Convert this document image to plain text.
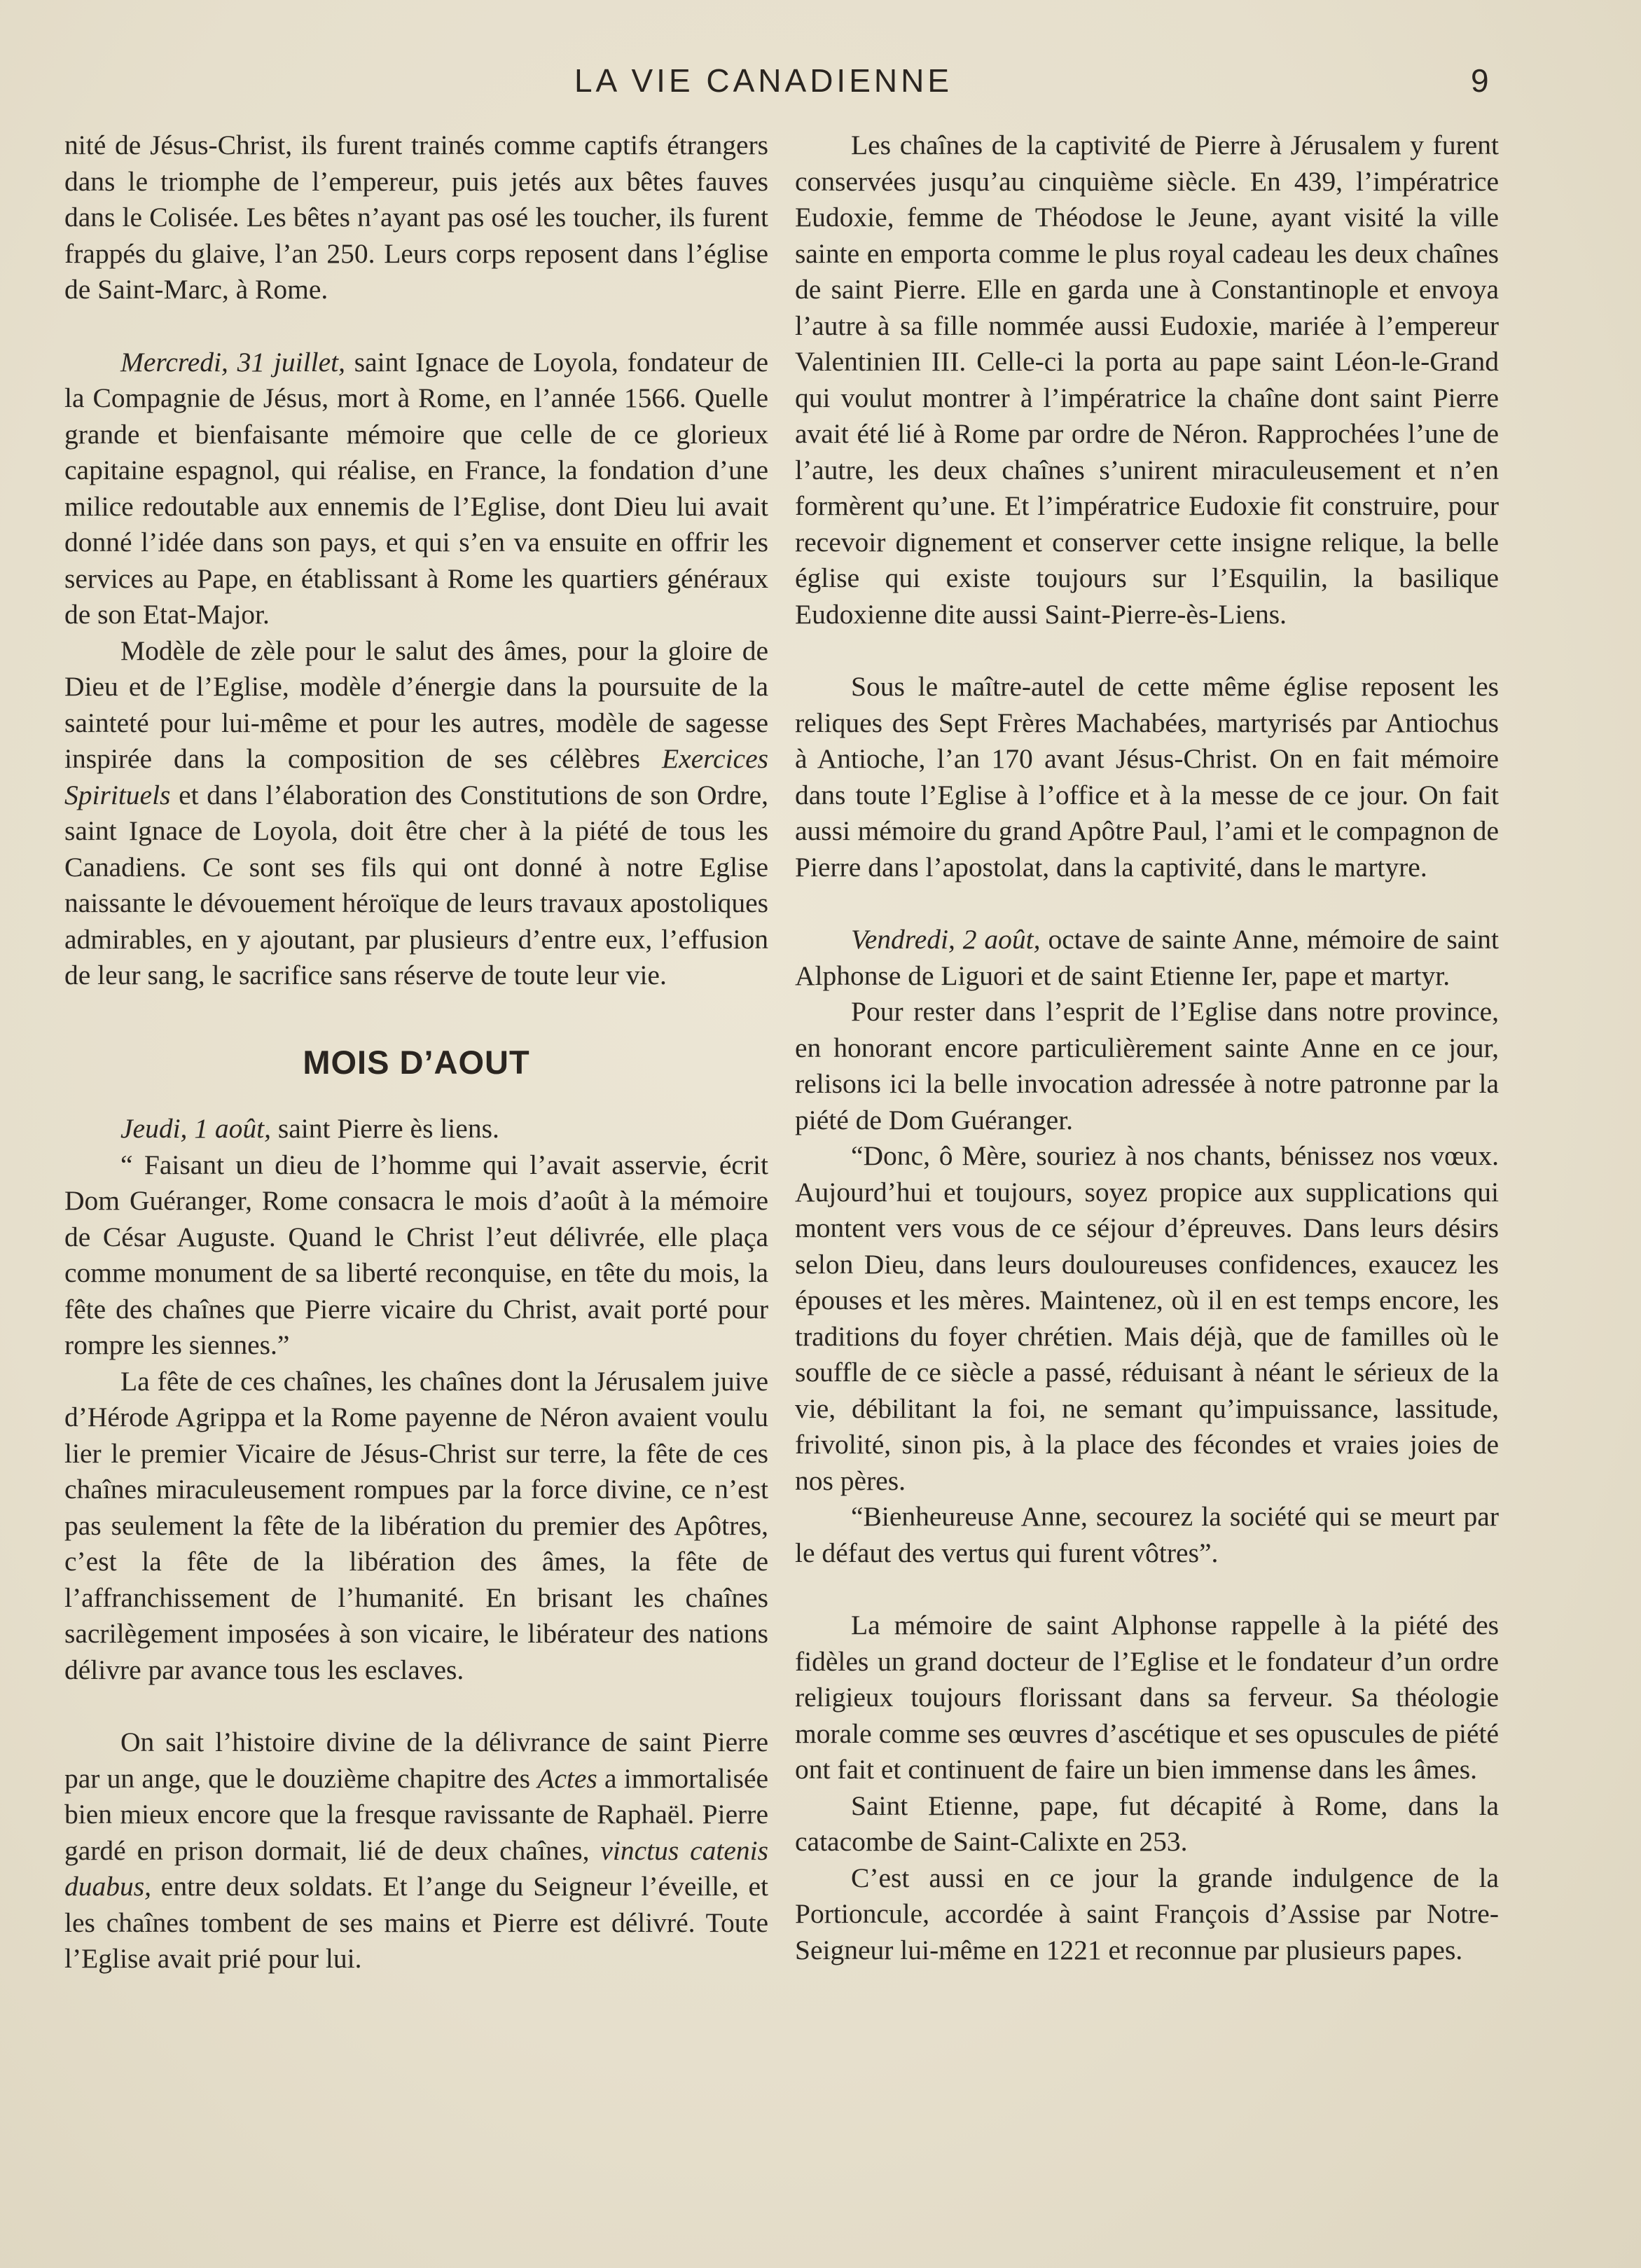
LA VIE CANADIENNE	9

nité de Jésus-Christ, ils furent trainés comme captifs étrangers dans le triomphe de l’empereur, puis jetés aux bêtes fauves dans le Colisée. Les bêtes n’ayant pas osé les toucher, ils furent frappés du glaive, l’an 250. Leurs corps reposent dans l’église de Saint-Marc, à Rome.

Mercredi, 31 juillet, saint Ignace de Loyola, fondateur de la Compagnie de Jésus, mort à Rome, en l’année 1566. Quelle grande et bienfaisante mémoire que celle de ce glorieux capitaine espagnol, qui réalise, en France, la fondation d’une milice redoutable aux ennemis de l’Eglise, dont Dieu lui avait donné l’idée dans son pays, et qui s’en va ensuite en offrir les services au Pape, en établissant à Rome les quartiers généraux de son Etat-Major.

Modèle de zèle pour le salut des âmes, pour la gloire de Dieu et de l’Eglise, modèle d’énergie dans la poursuite de la sainteté pour lui-même et pour les autres, modèle de sagesse inspirée dans la composition de ses célèbres Exercices Spirituels et dans l’élaboration des Constitutions de son Ordre, saint Ignace de Loyola, doit être cher à la piété de tous les Canadiens. Ce sont ses fils qui ont donné à notre Eglise naissante le dévouement héroïque de leurs travaux apostoliques admirables, en y ajoutant, par plusieurs d’entre eux, l’effusion de leur sang, le sacrifice sans réserve de toute leur vie.

MOIS D’AOUT

Jeudi, 1 août, saint Pierre ès liens.

“ Faisant un dieu de l’homme qui l’avait asservie, écrit Dom Guéranger, Rome consacra le mois d’août à la mémoire de César Auguste. Quand le Christ l’eut délivrée, elle plaça comme monument de sa liberté reconquise, en tête du mois, la fête des chaînes que Pierre vicaire du Christ, avait porté pour rompre les siennes.”

La fête de ces chaînes, les chaînes dont la Jérusalem juive d’Hérode Agrippa et la Rome payenne de Néron avaient voulu lier le premier Vicaire de Jésus-Christ sur terre, la fête de ces chaînes miraculeusement rompues par la force divine, ce n’est pas seulement la fête de la libération du premier des Apôtres, c’est la fête de la libération des âmes, la fête de l’affranchissement de l’humanité. En brisant les chaînes sacrilègement imposées à son vicaire, le libérateur des nations délivre par avance tous les esclaves.

On sait l’histoire divine de la délivrance de saint Pierre par un ange, que le douzième chapitre des Actes a immortalisée bien mieux encore que la fresque ravissante de Raphaël. Pierre gardé en prison dormait, lié de deux chaînes, vinctus catenis duabus, entre deux soldats. Et l’ange du Seigneur l’éveille, et les chaînes tombent de ses mains et Pierre est délivré. Toute l’Eglise avait prié pour lui.

Les chaînes de la captivité de Pierre à Jérusalem y furent conservées jusqu’au cinquième siècle. En 439, l’impératrice Eudoxie, femme de Théodose le Jeune, ayant visité la ville sainte en emporta comme le plus royal cadeau les deux chaînes de saint Pierre. Elle en garda une à Constantinople et envoya l’autre à sa fille nommée aussi Eudoxie, mariée à l’empereur Valentinien III. Celle-ci la porta au pape saint Léon-le-Grand qui voulut montrer à l’impératrice la chaîne dont saint Pierre avait été lié à Rome par ordre de Néron. Rapprochées l’une de l’autre, les deux chaînes s’unirent miraculeusement et n’en formèrent qu’une. Et l’impératrice Eudoxie fit construire, pour recevoir dignement et conserver cette insigne relique, la belle église qui existe toujours sur l’Esquilin, la basilique Eudoxienne dite aussi Saint-Pierre-ès-Liens.

Sous le maître-autel de cette même église reposent les reliques des Sept Frères Machabées, martyrisés par Antiochus à Antioche, l’an 170 avant Jésus-Christ. On en fait mémoire dans toute l’Eglise à l’office et à la messe de ce jour. On fait aussi mémoire du grand Apôtre Paul, l’ami et le compagnon de Pierre dans l’apostolat, dans la captivité, dans le martyre.

Vendredi, 2 août, octave de sainte Anne, mémoire de saint Alphonse de Liguori et de saint Etienne Ier, pape et martyr.

Pour rester dans l’esprit de l’Eglise dans notre province, en honorant encore particulièrement sainte Anne en ce jour, relisons ici la belle invocation adressée à notre patronne par la piété de Dom Guéranger.

“Donc, ô Mère, souriez à nos chants, bénissez nos vœux. Aujourd’hui et toujours, soyez propice aux supplications qui montent vers vous de ce séjour d’épreuves. Dans leurs désirs selon Dieu, dans leurs douloureuses confidences, exaucez les épouses et les mères. Maintenez, où il en est temps encore, les traditions du foyer chrétien. Mais déjà, que de familles où le souffle de ce siècle a passé, réduisant à néant le sérieux de la vie, débilitant la foi, ne semant qu’impuissance, lassitude, frivolité, sinon pis, à la place des fécondes et vraies joies de nos pères.

“Bienheureuse Anne, secourez la société qui se meurt par le défaut des vertus qui furent vôtres”.

La mémoire de saint Alphonse rappelle à la piété des fidèles un grand docteur de l’Eglise et le fondateur d’un ordre religieux toujours florissant dans sa ferveur. Sa théologie morale comme ses œuvres d’ascétique et ses opuscules de piété ont fait et continuent de faire un bien immense dans les âmes.

Saint Etienne, pape, fut décapité à Rome, dans la catacombe de Saint-Calixte en 253.

C’est aussi en ce jour la grande indulgence de la Portioncule, accordée à saint François d’Assise par Notre-Seigneur lui-même en 1221 et reconnue par plusieurs papes.
